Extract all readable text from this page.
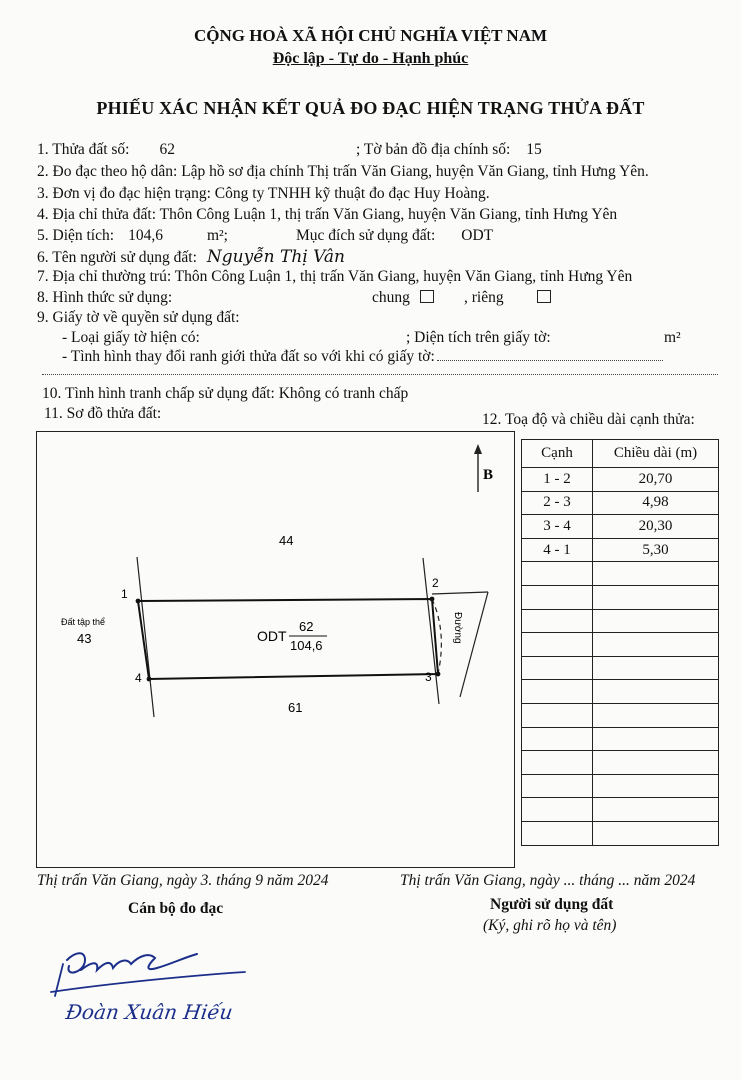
CỘNG HOÀ XÃ HỘI CHỦ NGHĨA VIỆT NAM
Độc lập - Tự do - Hạnh phúc
PHIẾU XÁC NHẬN KẾT QUẢ ĐO ĐẠC HIỆN TRẠNG THỬA ĐẤT
1. Thửa đất số: 62	; Tờ bản đồ địa chính số: 15
2. Đo đạc theo hộ dân: Lập hồ sơ địa chính Thị trấn Văn Giang, huyện Văn Giang, tỉnh Hưng Yên.
3. Đơn vị đo đạc hiện trạng: Công ty TNHH kỹ thuật đo đạc Huy Hoàng.
4. Địa chỉ thửa đất: Thôn Công Luận 1, thị trấn Văn Giang, huyện Văn Giang, tỉnh Hưng Yên
5. Diện tích: 104,6	m²;	Mục đích sử dụng đất: ODT
6. Tên người sử dụng đất: Nguyễn Thị Vân
7. Địa chỉ thường trú: Thôn Công Luận 1, thị trấn Văn Giang, huyện Văn Giang, tỉnh Hưng Yên
8. Hình thức sử dụng:	chung	, riêng
9. Giấy tờ về quyền sử dụng đất:
- Loại giấy tờ hiện có:	; Diện tích trên giấy tờ:	m²
- Tình hình thay đổi ranh giới thửa đất so với khi có giấy tờ:
10. Tình hình tranh chấp sử dụng đất: Không có tranh chấp
11. Sơ đồ thửa đất:	12. Toạ độ và chiều dài cạnh thửa:
B
44
61
Đất tập thể
43	Đường
ODT
62
104,6
1
2
3
4
Cạnh	Chiều dài (m)
1 - 2	20,70
2 - 3	4,98
3 - 4	20,30
4 - 1	5,30

Thị trấn Văn Giang, ngày 3. tháng 9 năm 2024
Cán bộ đo đạc
Thị trấn Văn Giang, ngày ... tháng ... năm 2024
Người sử dụng đất
(Ký, ghi rõ họ và tên)
Đoàn Xuân Hiếu
